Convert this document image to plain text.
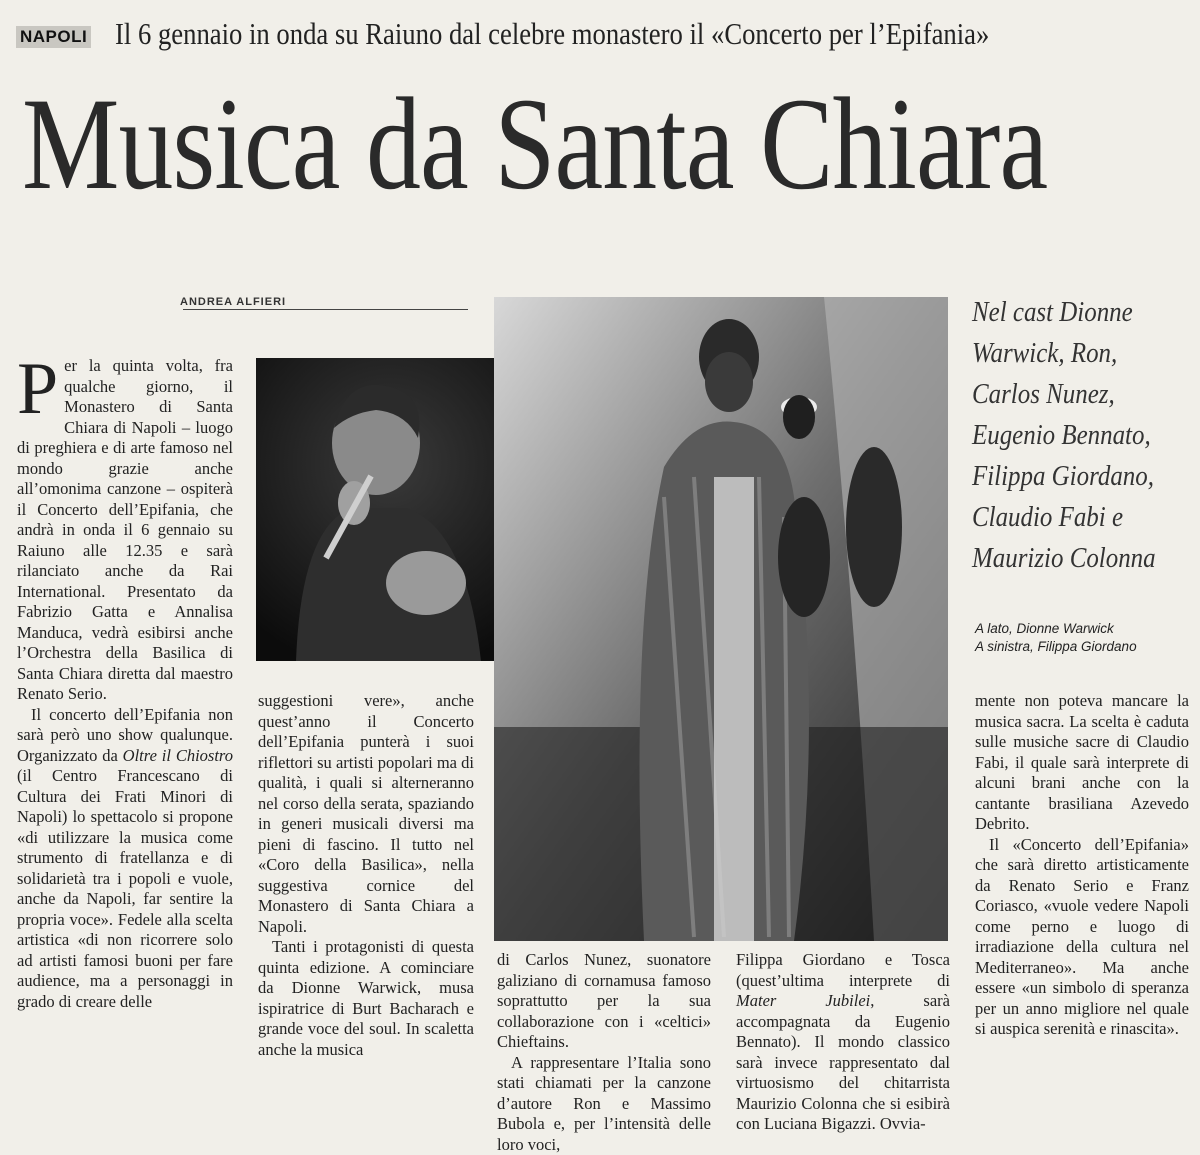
NAPOLI Il 6 gennaio in onda su Raiuno dal celebre monastero il «Concerto per l’Epifania»
Musica da Santa Chiara
ANDREA ALFIERI

Per la quinta volta, fra qualche giorno, il Monastero di Santa Chiara di Napoli – luogo di preghiera e di arte famoso nel mondo grazie anche all’omonima canzone – ospiterà il Concerto dell’Epifania, che andrà in onda il 6 gennaio su Raiuno alle 12.35 e sarà rilanciato anche da Rai International. Presentato da Fabrizio Gatta e Annalisa Manduca, vedrà esibirsi anche l’Orchestra della Basilica di Santa Chiara diretta dal maestro Renato Serio.

Il concerto dell’Epifania non sarà però uno show qualunque. Organizzato da Oltre il Chiostro (il Centro Francescano di Cultura dei Frati Minori di Napoli) lo spettacolo si propone «di utilizzare la musica come strumento di fratellanza e di solidarietà tra i popoli e vuole, anche da Napoli, far sentire la propria voce». Fedele alla scelta artistica «di non ricorrere solo ad artisti famosi buoni per fare audience, ma a personaggi in grado di creare delle

suggestioni vere», anche quest’anno il Concerto dell’Epifania punterà i suoi riflettori su artisti popolari ma di qualità, i quali si alterneranno nel corso della serata, spaziando in generi musicali diversi ma pieni di fascino. Il tutto nel «Coro della Basilica», nella suggestiva cornice del Monastero di Santa Chiara a Napoli.

Tanti i protagonisti di questa quinta edizione. A cominciare da Dionne Warwick, musa ispiratrice di Burt Bacharach e grande voce del soul. In scaletta anche la musica

di Carlos Nunez, suonatore galiziano di cornamusa famoso soprattutto per la sua collaborazione con i «celtici» Chieftains.

A rappresentare l’Italia sono stati chiamati per la canzone d’autore Ron e Massimo Bubola e, per l’intensità delle loro voci,

Filippa Giordano e Tosca (quest’ultima interprete di Mater Jubilei, sarà accompagnata da Eugenio Bennato). Il mondo classico sarà invece rappresentato dal virtuosismo del chitarrista Maurizio Colonna che si esibirà con Luciana Bigazzi. Ovvia-

mente non poteva mancare la musica sacra. La scelta è caduta sulle musiche sacre di Claudio Fabi, il quale sarà interprete di alcuni brani anche con la cantante brasiliana Azevedo Debrito.

Il «Concerto dell’Epifania» che sarà diretto artisticamente da Renato Serio e Franz Coriasco, «vuole vedere Napoli come perno e luogo di irradiazione della cultura nel Mediterraneo». Ma anche essere «un simbolo di speranza per un anno migliore nel quale si auspica serenità e rinascita».

Nel cast Dionne
Warwick, Ron,
Carlos Nunez,
Eugenio Bennato,
Filippa Giordano,
Claudio Fabi e
Maurizio Colonna
A lato, Dionne Warwick
A sinistra, Filippa Giordano
